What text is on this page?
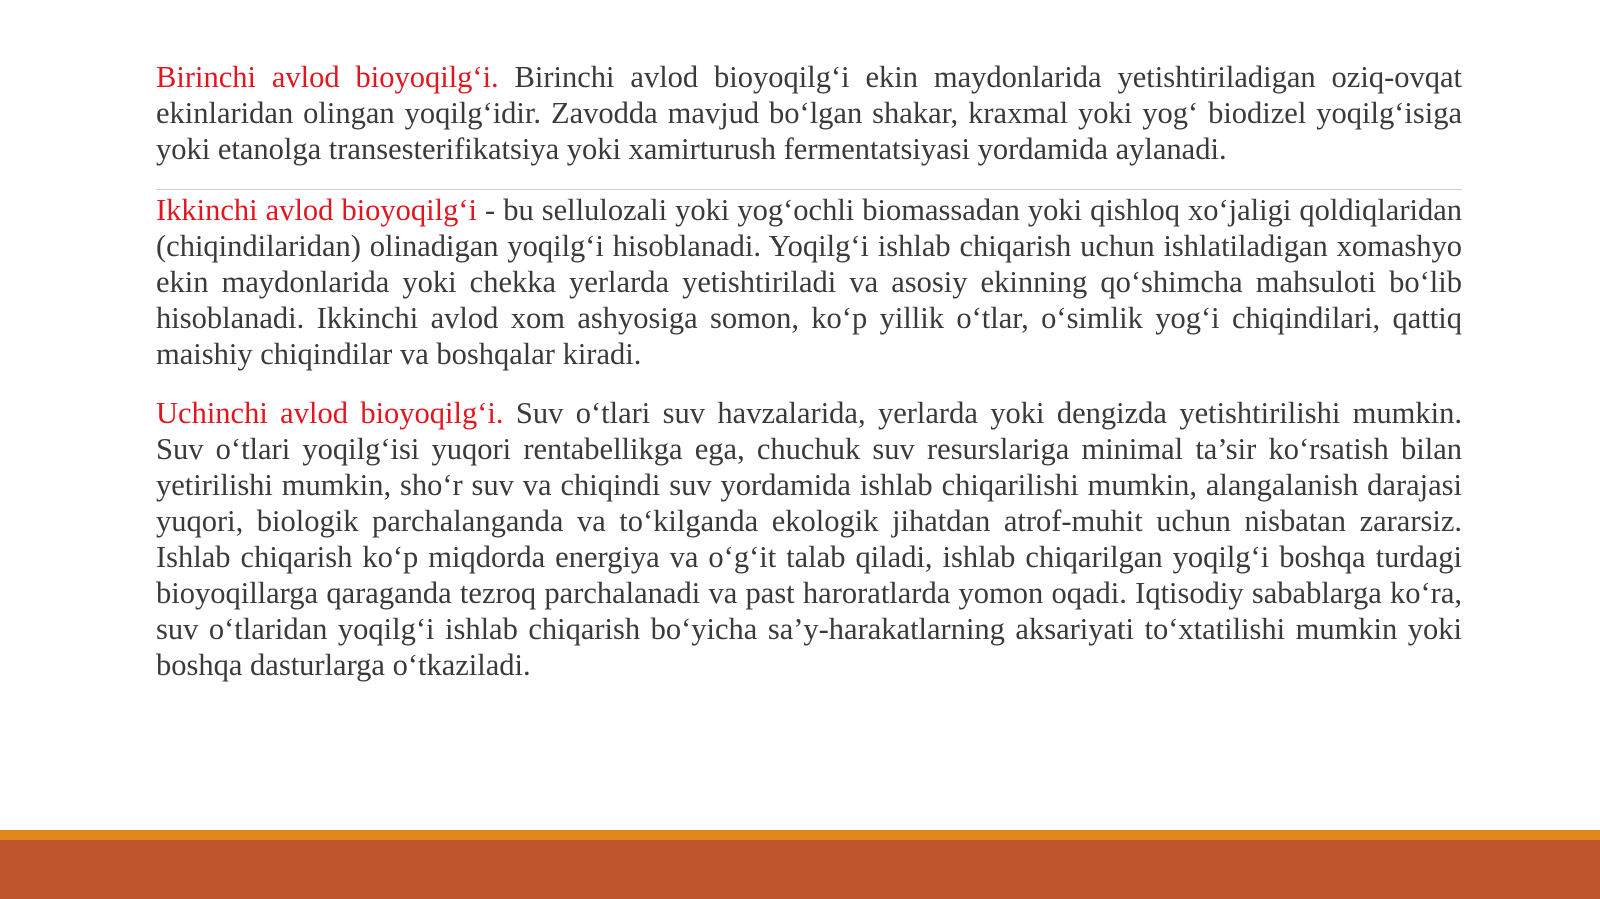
Birinchi avlod bioyoqilg‘i. Birinchi avlod bioyoqilg‘i ekin maydonlarida yetishtiriladigan oziq-ovqat ekinlaridan olingan yoqilg‘idir. Zavodda mavjud bo‘lgan shakar, kraxmal yoki yog‘ biodizel yoqilg‘isiga yoki etanolga transesterifikatsiya yoki xamirturush fermentatsiyasi yordamida aylanadi.

Ikkinchi avlod bioyoqilg‘i - bu sellulozali yoki yog‘ochli biomassadan yoki qishloq xo‘jaligi qoldiqlaridan (chiqindilaridan) olinadigan yoqilg‘i hisoblanadi. Yoqilg‘i ishlab chiqarish uchun ishlatiladigan xomashyo ekin maydonlarida yoki chekka yerlarda yetishtiriladi va asosiy ekinning qo‘shimcha mahsuloti bo‘lib hisoblanadi. Ikkinchi avlod xom ashyosiga somon, ko‘p yillik o‘tlar, o‘simlik yog‘i chiqindilari, qattiq maishiy chiqindilar va boshqalar kiradi.

Uchinchi avlod bioyoqilg‘i. Suv o‘tlari suv havzalarida, yerlarda yoki dengizda yetishtirilishi mumkin. Suv o‘tlari yoqilg‘isi yuqori rentabellikga ega, chuchuk suv resurslariga minimal ta’sir ko‘rsatish bilan yetirilishi mumkin, sho‘r suv va chiqindi suv yordamida ishlab chiqarilishi mumkin, alangalanish darajasi yuqori, biologik parchalanganda va to‘kilganda ekologik jihatdan atrof-muhit uchun nisbatan zararsiz. Ishlab chiqarish ko‘p miqdorda energiya va o‘g‘it talab qiladi, ishlab chiqarilgan yoqilg‘i boshqa turdagi bioyoqillarga qaraganda tezroq parchalanadi va past haroratlarda yomon oqadi. Iqtisodiy sabablarga ko‘ra, suv o‘tlaridan yoqilg‘i ishlab chiqarish bo‘yicha sa’y-harakatlarning aksariyati to‘xtatilishi mumkin yoki boshqa dasturlarga o‘tkaziladi.
